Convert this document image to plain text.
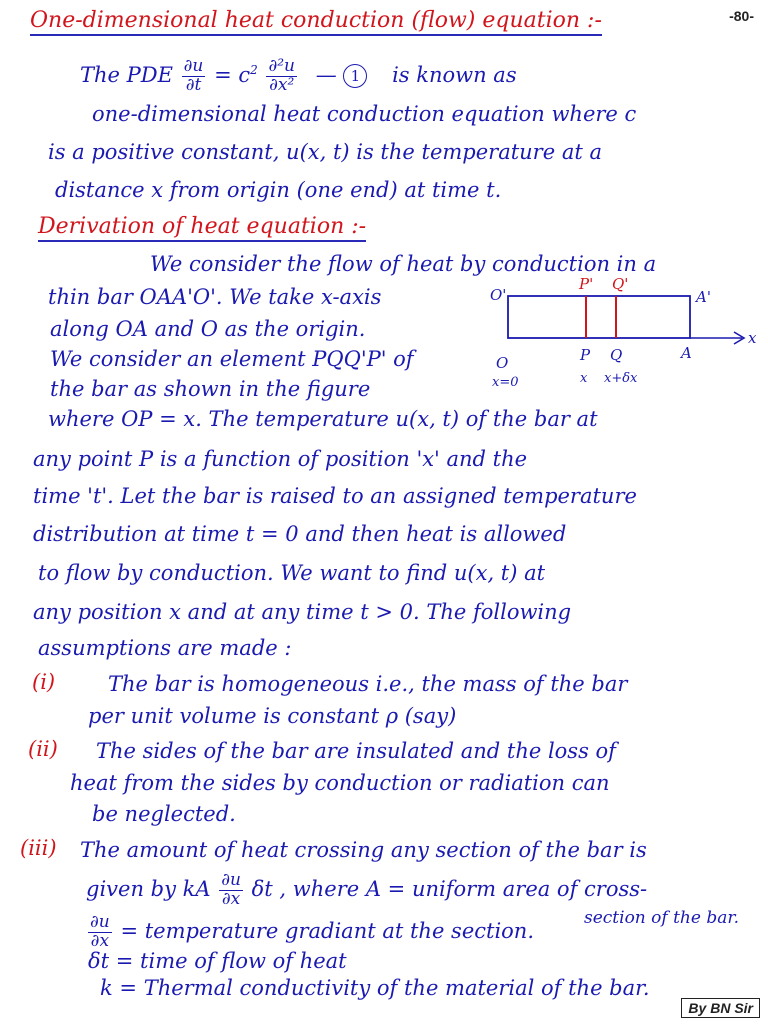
-80-
One-dimensional heat conduction (flow) equation :-
The PDE $\frac{\partial u}{\partial t} = c^2 \frac{\text{∂²u}}{\text{∂x²}}$ — 1 is known as
one-dimensional heat conduction equation where c
is a positive constant, u(x, t) is the temperature at a
distance x from origin (one end) at time t.
Derivation of heat equation :-
We consider the flow of heat by conduction in a
thin bar OAA'O'. We take x-axis
along OA and O as the origin.
We consider an element PQQ'P' of
the bar as shown in the figure
O'
P' Q'
A'
x
O	P Q	A
x=0	x x+δx
where OP = x. The temperature u(x, t) of the bar at
any point P is a function of position 'x' and the
time 't'. Let the bar is raised to an assigned temperature
distribution at time t = 0 and then heat is allowed
to flow by conduction. We want to find u(x, t) at
any position x and at any time t > 0. The following
assumptions are made :
(i)	The bar is homogeneous i.e., the mass of the bar
per unit volume is constant ρ (say)
(ii) The sides of the bar are insulated and the loss of
heat from the sides by conduction or radiation can
be neglected.
(iii) The amount of heat crossing any section of the bar is
given by kA $\frac{\partial u}{\partial x}$ δt , where A = uniform area of cross-
section of the bar.
$\frac{\partial u}{\partial x}$ = temperature gradiant at the section.
δt = time of flow of heat
k = Thermal conductivity of the material of the bar.
By BN Sir
